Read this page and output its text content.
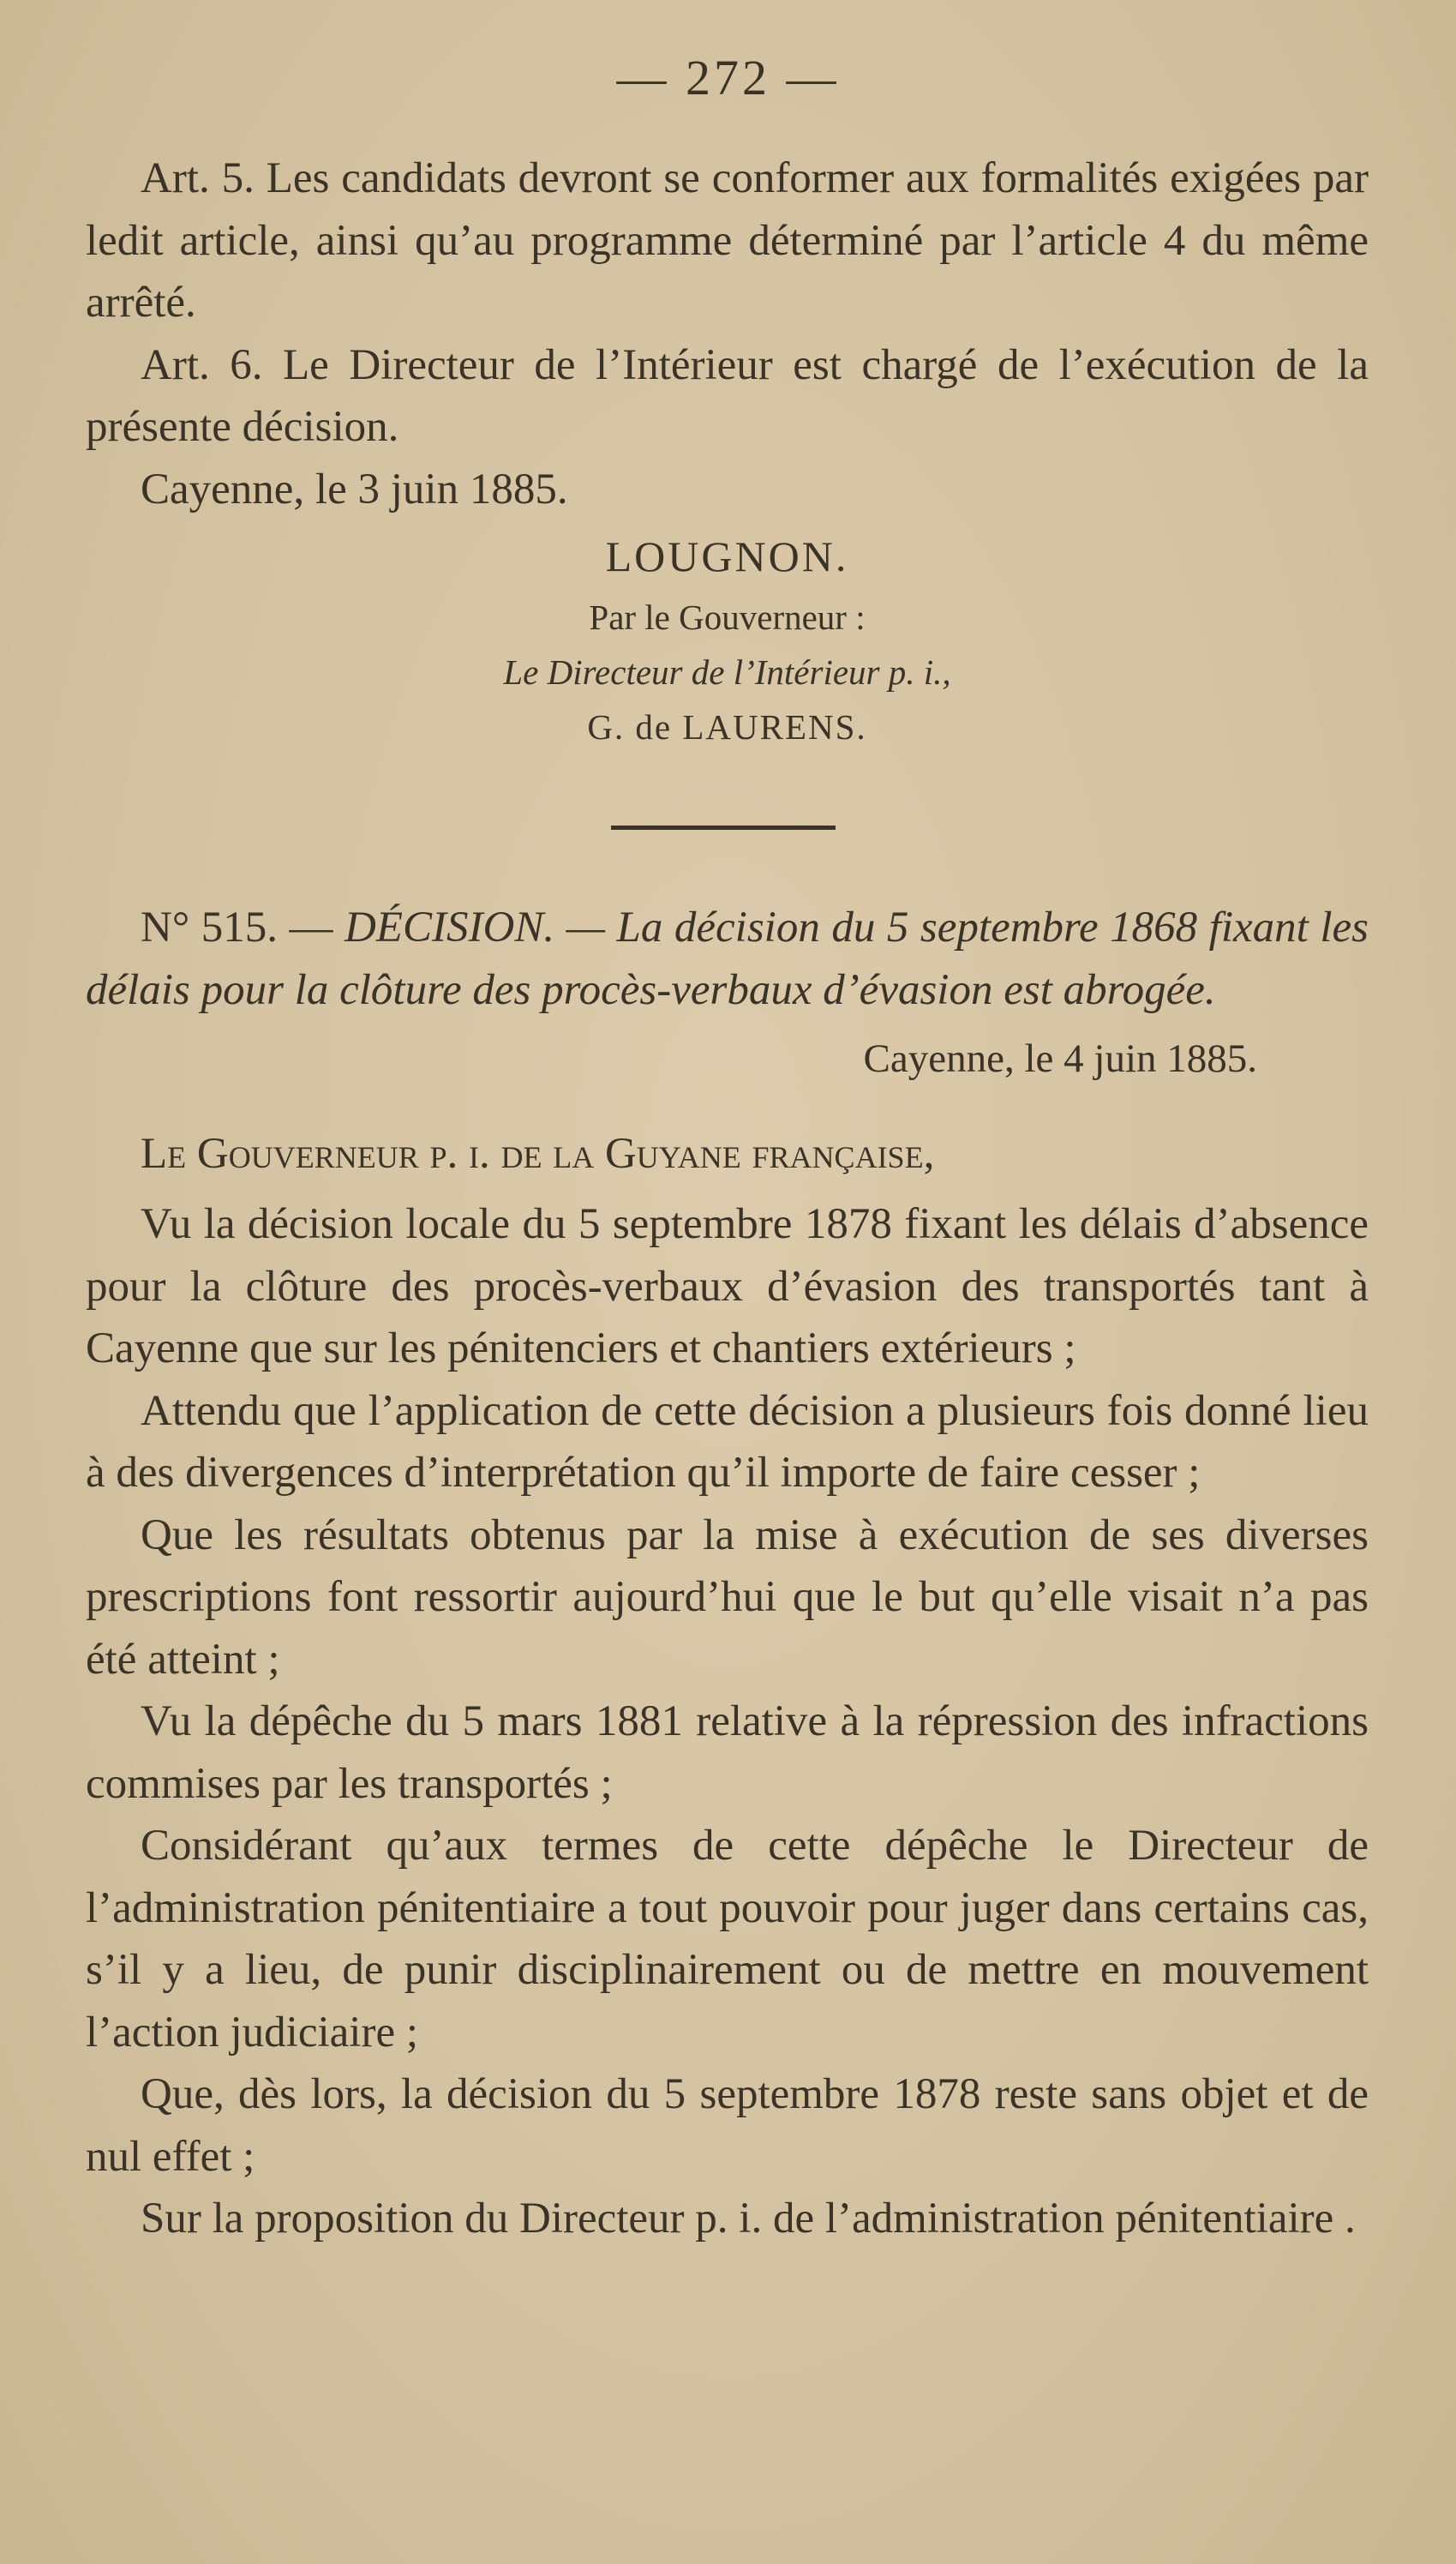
— 272 —

Art. 5. Les candidats devront se conformer aux formalités exigées par ledit article, ainsi qu’au programme déterminé par l’article 4 du même arrêté.

Art. 6. Le Directeur de l’Intérieur est chargé de l’exécution de la présente décision.

Cayenne, le 3 juin 1885.

LOUGNON.

Par le Gouverneur :

Le Directeur de l’Intérieur p. i.,

G. de LAURENS.

N° 515. — DÉCISION. — La décision du 5 septembre 1868 fixant les délais pour la clôture des procès-verbaux d’évasion est abrogée.

Cayenne, le 4 juin 1885.

Le Gouverneur p. i. de la Guyane française,

Vu la décision locale du 5 septembre 1878 fixant les délais d’absence pour la clôture des procès-verbaux d’évasion des transportés tant à Cayenne que sur les pénitenciers et chantiers extérieurs ;

Attendu que l’application de cette décision a plusieurs fois donné lieu à des divergences d’interprétation qu’il importe de faire cesser ;

Que les résultats obtenus par la mise à exécution de ses diverses prescriptions font ressortir aujourd’hui que le but qu’elle visait n’a pas été atteint ;

Vu la dépêche du 5 mars 1881 relative à la répression des infractions commises par les transportés ;

Considérant qu’aux termes de cette dépêche le Directeur de l’administration pénitentiaire a tout pouvoir pour juger dans certains cas, s’il y a lieu, de punir disciplinairement ou de mettre en mouvement l’action judiciaire ;

Que, dès lors, la décision du 5 septembre 1878 reste sans objet et de nul effet ;

Sur la proposition du Directeur p. i. de l’administration pénitentiaire .
